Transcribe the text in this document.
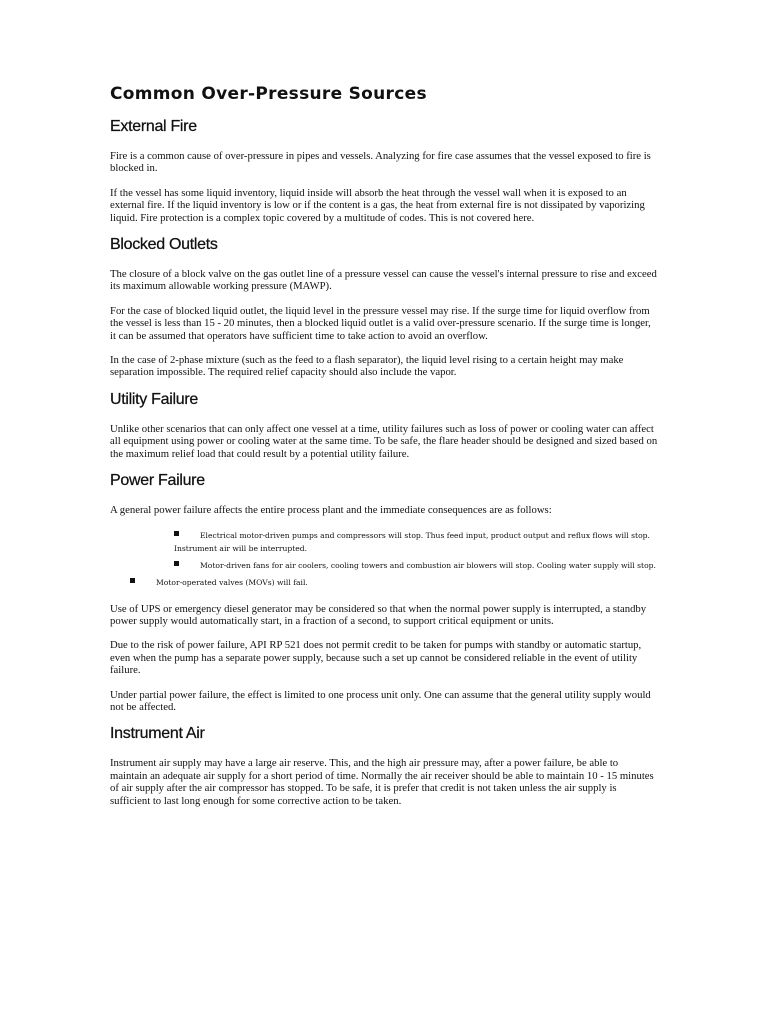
Common Over-Pressure Sources
External Fire

Fire is a common cause of over-pressure in pipes and vessels. Analyzing for fire case assumes that the vessel exposed to fire is blocked in.

If the vessel has some liquid inventory, liquid inside will absorb the heat through the vessel wall when it is exposed to an external fire. If the liquid inventory is low or if the content is a gas, the heat from external fire is not dissipated by vaporizing liquid. Fire protection is a complex topic covered by a multitude of codes. This is not covered here.

Blocked Outlets

The closure of a block valve on the gas outlet line of a pressure vessel can cause the vessel's internal pressure to rise and exceed its maximum allowable working pressure (MAWP).

For the case of blocked liquid outlet, the liquid level in the pressure vessel may rise. If the surge time for liquid overflow from the vessel is less than 15 - 20 minutes, then a blocked liquid outlet is a valid over-pressure scenario. If the surge time is longer, it can be assumed that operators have sufficient time to take action to avoid an overflow.

In the case of 2-phase mixture (such as the feed to a flash separator), the liquid level rising to a certain height may make separation impossible. The required relief capacity should also include the vapor.

Utility Failure

Unlike other scenarios that can only affect one vessel at a time, utility failures such as loss of power or cooling water can affect all equipment using power or cooling water at the same time. To be safe, the flare header should be designed and sized based on the maximum relief load that could result by a potential utility failure.

Power Failure

A general power failure affects the entire process plant and the immediate consequences are as follows:

Electrical motor-driven pumps and compressors will stop. Thus feed input, product output and reflux flows will stop. Instrument air will be interrupted.
Motor-driven fans for air coolers, cooling towers and combustion air blowers will stop. Cooling water supply will stop.
Motor-operated valves (MOVs) will fail.

Use of UPS or emergency diesel generator may be considered so that when the normal power supply is interrupted, a standby power supply would automatically start, in a fraction of a second, to support critical equipment or units.

Due to the risk of power failure, API RP 521 does not permit credit to be taken for pumps with standby or automatic startup, even when the pump has a separate power supply, because such a set up cannot be considered reliable in the event of utility failure.

Under partial power failure, the effect is limited to one process unit only. One can assume that the general utility supply would not be affected.

Instrument Air

Instrument air supply may have a large air reserve. This, and the high air pressure may, after a power failure, be able to maintain an adequate air supply for a short period of time. Normally the air receiver should be able to maintain 10 - 15 minutes of air supply after the air compressor has stopped. To be safe, it is prefer that credit is not taken unless the air supply is sufficient to last long enough for some corrective action to be taken.
